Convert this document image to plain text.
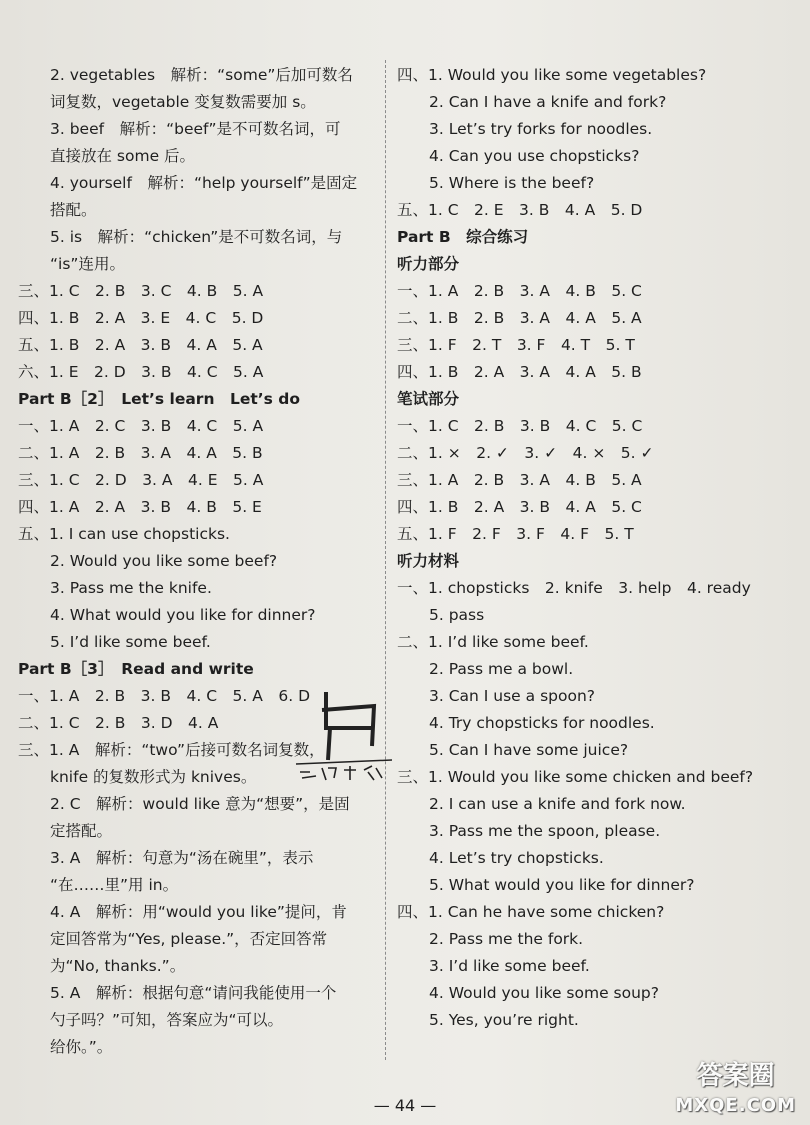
2. vegetables　解析：“some”后加可数名
词复数，vegetable 变复数需要加 s。
3. beef　解析：“beef”是不可数名词，可
直接放在 some 后。
4. yourself　解析：“help yourself”是固定
搭配。
5. is　解析：“chicken”是不可数名词，与
“is”连用。
三、1. C　2. B　3. C　4. B　5. A
四、1. B　2. A　3. E　4. C　5. D
五、1. B　2. A　3. B　4. A　5. A
六、1. E　2. D　3. B　4. C　5. A
Part B［2］　Let’s learn　Let’s do
一、1. A　2. C　3. B　4. C　5. A
二、1. A　2. B　3. A　4. A　5. B
三、1. C　2. D　3. A　4. E　5. A
四、1. A　2. A　3. B　4. B　5. E
五、1. I can use chopsticks.
2. Would you like some beef?
3. Pass me the knife.
4. What would you like for dinner?
5. I’d like some beef.
Part B［3］　Read and write
一、1. A　2. B　3. B　4. C　5. A　6. D
二、1. C　2. B　3. D　4. A
三、1. A　解析：“two”后接可数名词复数，
knife 的复数形式为 knives。
2. C　解析：would like 意为“想要”，是固
定搭配。
3. A　解析：句意为“汤在碗里”，表示
“在……里”用 in。
4. A　解析：用“would you like”提问，肯
定回答常为“Yes, please.”，否定回答常
为“No, thanks.”。
5. A　解析：根据句意“请问我能使用一个
勺子吗？”可知，答案应为“可以。
给你。”。
四、1. Would you like some vegetables?
2. Can I have a knife and fork?
3. Let’s try forks for noodles.
4. Can you use chopsticks?
5. Where is the beef?
五、1. C　2. E　3. B　4. A　5. D
Part B　综合练习
听力部分
一、1. A　2. B　3. A　4. B　5. C
二、1. B　2. B　3. A　4. A　5. A
三、1. F　2. T　3. F　4. T　5. T
四、1. B　2. A　3. A　4. A　5. B
笔试部分
一、1. C　2. B　3. B　4. C　5. C
二、1. ×　2. ✓　3. ✓　4. ×　5. ✓
三、1. A　2. B　3. A　4. B　5. A
四、1. B　2. A　3. B　4. A　5. C
五、1. F　2. F　3. F　4. F　5. T
听力材料
一、1. chopsticks　2. knife　3. help　4. ready
5. pass
二、1. I’d like some beef.
2. Pass me a bowl.
3. Can I use a spoon?
4. Try chopsticks for noodles.
5. Can I have some juice?
三、1. Would you like some chicken and beef?
2. I can use a knife and fork now.
3. Pass me the spoon, please.
4. Let’s try chopsticks.
5. What would you like for dinner?
四、1. Can he have some chicken?
2. Pass me the fork.
3. I’d like some beef.
4. Would you like some soup?
5. Yes, you’re right.
— 44 —
答案圈
MXQE.COM
